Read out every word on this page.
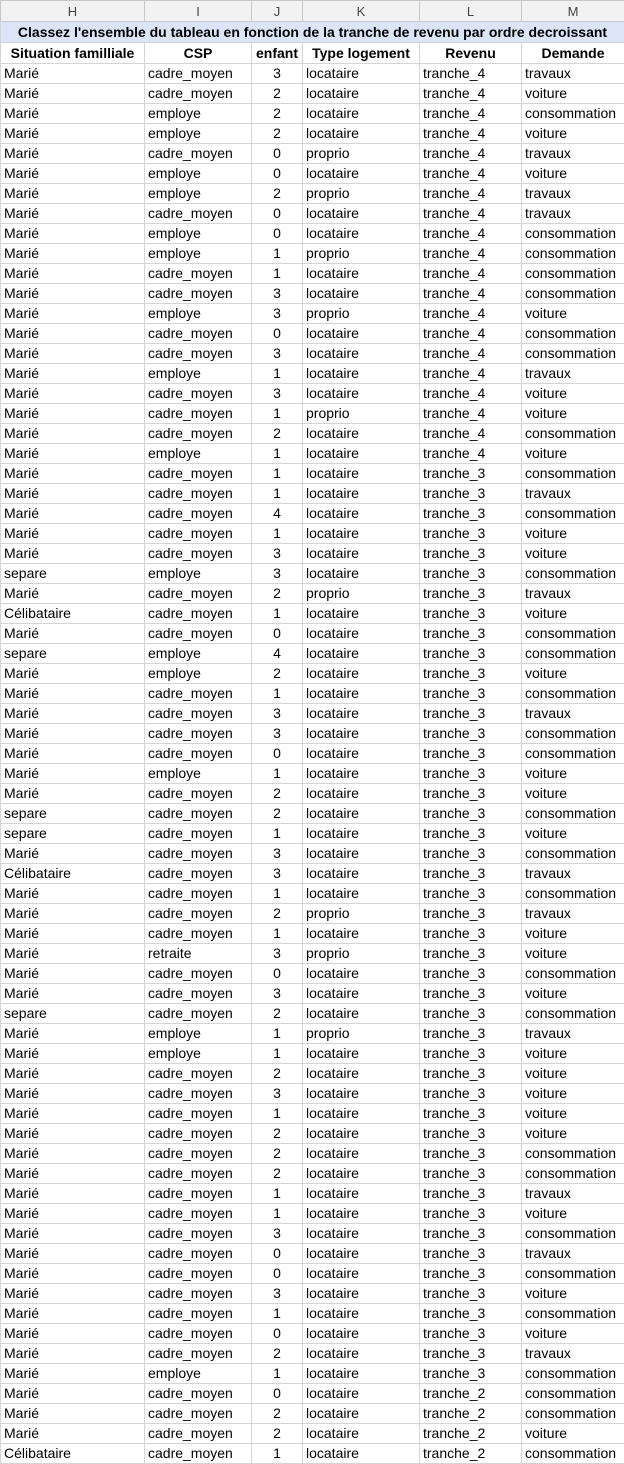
H	I	J	K	L	M
Classez l'ensemble du tableau en fonction de la tranche de revenu par ordre decroissant					
Situation familliale	CSP	enfant	Type logement	Revenu	Demande
Marié	cadre_moyen	3	locataire	tranche_4	travaux
Marié	cadre_moyen	2	locataire	tranche_4	voiture
Marié	employe	2	locataire	tranche_4	consommation
Marié	employe	2	locataire	tranche_4	voiture
Marié	cadre_moyen	0	proprio	tranche_4	travaux
Marié	employe	0	locataire	tranche_4	voiture
Marié	employe	2	proprio	tranche_4	travaux
Marié	cadre_moyen	0	locataire	tranche_4	travaux
Marié	employe	0	locataire	tranche_4	consommation
Marié	employe	1	proprio	tranche_4	consommation
Marié	cadre_moyen	1	locataire	tranche_4	consommation
Marié	cadre_moyen	3	locataire	tranche_4	consommation
Marié	employe	3	proprio	tranche_4	voiture
Marié	cadre_moyen	0	locataire	tranche_4	consommation
Marié	cadre_moyen	3	locataire	tranche_4	consommation
Marié	employe	1	locataire	tranche_4	travaux
Marié	cadre_moyen	3	locataire	tranche_4	voiture
Marié	cadre_moyen	1	proprio	tranche_4	voiture
Marié	cadre_moyen	2	locataire	tranche_4	consommation
Marié	employe	1	locataire	tranche_4	voiture
Marié	cadre_moyen	1	locataire	tranche_3	consommation
Marié	cadre_moyen	1	locataire	tranche_3	travaux
Marié	cadre_moyen	4	locataire	tranche_3	consommation
Marié	cadre_moyen	1	locataire	tranche_3	voiture
Marié	cadre_moyen	3	locataire	tranche_3	voiture
separe	employe	3	locataire	tranche_3	consommation
Marié	cadre_moyen	2	proprio	tranche_3	travaux
Célibataire	cadre_moyen	1	locataire	tranche_3	voiture
Marié	cadre_moyen	0	locataire	tranche_3	consommation
separe	employe	4	locataire	tranche_3	consommation
Marié	employe	2	locataire	tranche_3	voiture
Marié	cadre_moyen	1	locataire	tranche_3	consommation
Marié	cadre_moyen	3	locataire	tranche_3	travaux
Marié	cadre_moyen	3	locataire	tranche_3	consommation
Marié	cadre_moyen	0	locataire	tranche_3	consommation
Marié	employe	1	locataire	tranche_3	voiture
Marié	cadre_moyen	2	locataire	tranche_3	voiture
separe	cadre_moyen	2	locataire	tranche_3	consommation
separe	cadre_moyen	1	locataire	tranche_3	voiture
Marié	cadre_moyen	3	locataire	tranche_3	consommation
Célibataire	cadre_moyen	3	locataire	tranche_3	travaux
Marié	cadre_moyen	1	locataire	tranche_3	consommation
Marié	cadre_moyen	2	proprio	tranche_3	travaux
Marié	cadre_moyen	1	locataire	tranche_3	voiture
Marié	retraite	3	proprio	tranche_3	voiture
Marié	cadre_moyen	0	locataire	tranche_3	consommation
Marié	cadre_moyen	3	locataire	tranche_3	voiture
separe	cadre_moyen	2	locataire	tranche_3	consommation
Marié	employe	1	proprio	tranche_3	travaux
Marié	employe	1	locataire	tranche_3	voiture
Marié	cadre_moyen	2	locataire	tranche_3	voiture
Marié	cadre_moyen	3	locataire	tranche_3	voiture
Marié	cadre_moyen	1	locataire	tranche_3	voiture
Marié	cadre_moyen	2	locataire	tranche_3	voiture
Marié	cadre_moyen	2	locataire	tranche_3	consommation
Marié	cadre_moyen	2	locataire	tranche_3	consommation
Marié	cadre_moyen	1	locataire	tranche_3	travaux
Marié	cadre_moyen	1	locataire	tranche_3	voiture
Marié	cadre_moyen	3	locataire	tranche_3	consommation
Marié	cadre_moyen	0	locataire	tranche_3	travaux
Marié	cadre_moyen	0	locataire	tranche_3	consommation
Marié	cadre_moyen	3	locataire	tranche_3	voiture
Marié	cadre_moyen	1	locataire	tranche_3	consommation
Marié	cadre_moyen	0	locataire	tranche_3	voiture
Marié	cadre_moyen	2	locataire	tranche_3	travaux
Marié	employe	1	locataire	tranche_3	consommation
Marié	cadre_moyen	0	locataire	tranche_2	consommation
Marié	cadre_moyen	2	locataire	tranche_2	consommation
Marié	cadre_moyen	2	locataire	tranche_2	voiture
Célibataire	cadre_moyen	1	locataire	tranche_2	consommation
